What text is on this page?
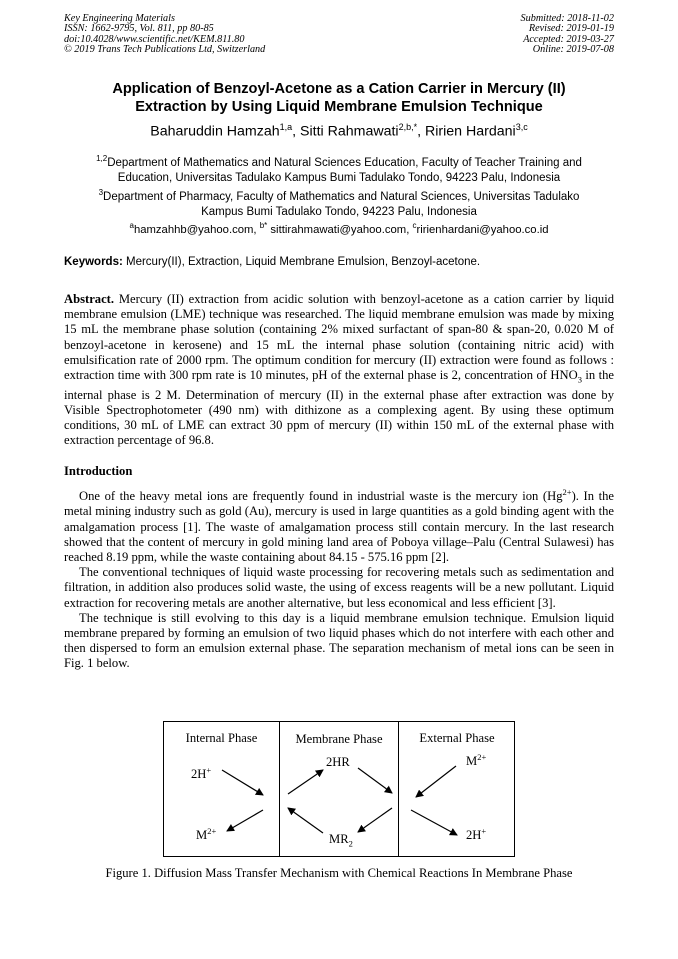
Key Engineering Materials
ISSN: 1662-9795, Vol. 811, pp 80-85
doi:10.4028/www.scientific.net/KEM.811.80
© 2019 Trans Tech Publications Ltd, Switzerland
Submitted: 2018-11-02
Revised: 2019-01-19
Accepted: 2019-03-27
Online: 2019-07-08
Application of Benzoyl-Acetone as a Cation Carrier in Mercury (II)
Extraction by Using Liquid Membrane Emulsion Technique
Baharuddin Hamzah$^{1,a}$, Sitti Rahmawati$^{2,b,*}$, Ririen Hardani$^{3,c}$
$^{1,2}$Department of Mathematics and Natural Sciences Education, Faculty of Teacher Training and
Education, Universitas Tadulako Kampus Bumi Tadulako Tondo, 94223 Palu, Indonesia
$^3$Department of Pharmacy, Faculty of Mathematics and Natural Sciences, Universitas Tadulako
Kampus Bumi Tadulako Tondo, 94223 Palu, Indonesia
$^a$hamzahhb@yahoo.com, $^{b*}$ sittirahmawati@yahoo.com, $^c$ririenhardani@yahoo.co.id
Keywords: Mercury(II), Extraction, Liquid Membrane Emulsion, Benzoyl-acetone.
Abstract. Mercury (II) extraction from acidic solution with benzoyl-acetone as a cation carrier by liquid membrane emulsion (LME) technique was researched. The liquid membrane emulsion was made by mixing 15 mL the membrane phase solution (containing 2% mixed surfactant of span-80 & span-20, 0.020 M of benzoyl-acetone in kerosene) and 15 mL the internal phase solution (containing nitric acid) with emulsification rate of 2000 rpm. The optimum condition for mercury (II) extraction were found as follows : extraction time with 300 rpm rate is 10 minutes, pH of the external phase is 2, concentration of $HNO_3$ in the internal phase is 2 M. Determination of mercury (II) in the external phase after extraction was done by Visible Spectrophotometer (490 nm) with dithizone as a complexing agent. By using these optimum conditions, 30 mL of LME can extract 30 ppm of mercury (II) within 150 mL of the external phase with extraction percentage of 96.8.
Introduction

One of the heavy metal ions are frequently found in industrial waste is the mercury ion $(Hg^{2+})$. In the metal mining industry such as gold (Au), mercury is used in large quantities as a gold binding agent with the amalgamation process [1]. The waste of amalgamation process still contain mercury. In the last research showed that the content of mercury in gold mining land area of Poboya village–Palu (Central Sulawesi) has reached 8.19 ppm, while the waste containing about 84.15 - 575.16 ppm [2].

The conventional techniques of liquid waste processing for recovering metals such as sedimentation and filtration, in addition also produces solid waste, the using of excess reagents will be a new pollutant. Liquid extraction for recovering metals are another alternative, but less economical and less efficient [3].

The technique is still evolving to this day is a liquid membrane emulsion technique. Emulsion liquid membrane prepared by forming an emulsion of two liquid phases which do not interfere with each other and then dispersed to form an emulsion external phase. The separation mechanism of metal ions can be seen in Fig. 1 below.

Internal Phase	Membrane Phase	External Phase
2H+
$M^{2+}$
2HR
$MR_2$
$M^{2+}$
2H+
Figure 1. Diffusion Mass Transfer Mechanism with Chemical Reactions In Membrane Phase
